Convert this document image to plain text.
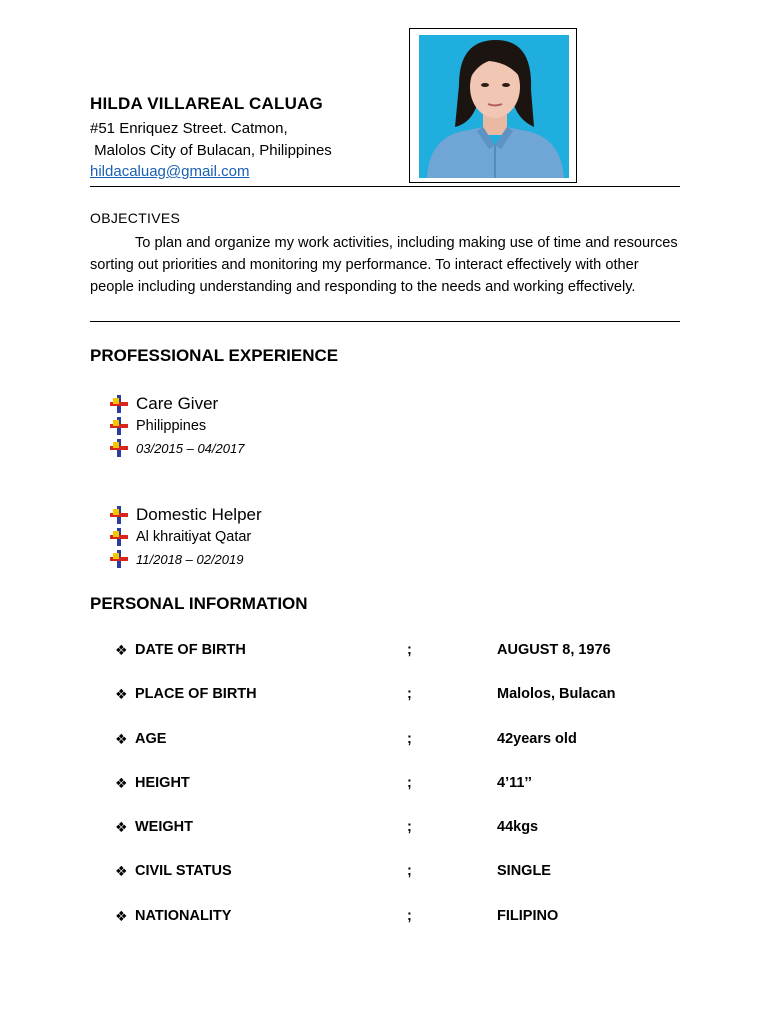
HILDA VILLAREAL CALUAG
#51 Enriquez Street. Catmon,
Malolos City of Bulacan, Philippines
hildacaluag@gmail.com
OBJECTIVES
To plan and organize my work activities, including making use of time and resources sorting out priorities and monitoring my performance. To interact effectively with other people including understanding and responding to the needs and working effectively.
PROFESSIONAL EXPERIENCE
Care Giver
Philippines
03/2015 – 04/2017
Domestic Helper
Al khraitiyat Qatar
11/2018 – 02/2019
PERSONAL INFORMATION
❖ DATE OF BIRTH	;	AUGUST 8, 1976
❖ PLACE OF BIRTH	;	Malolos, Bulacan
❖ AGE	;	42years old
❖ HEIGHT	;	4’11’’
❖ WEIGHT	;	44kgs
❖ CIVIL STATUS	;	SINGLE
❖ NATIONALITY	;	FILIPINO
